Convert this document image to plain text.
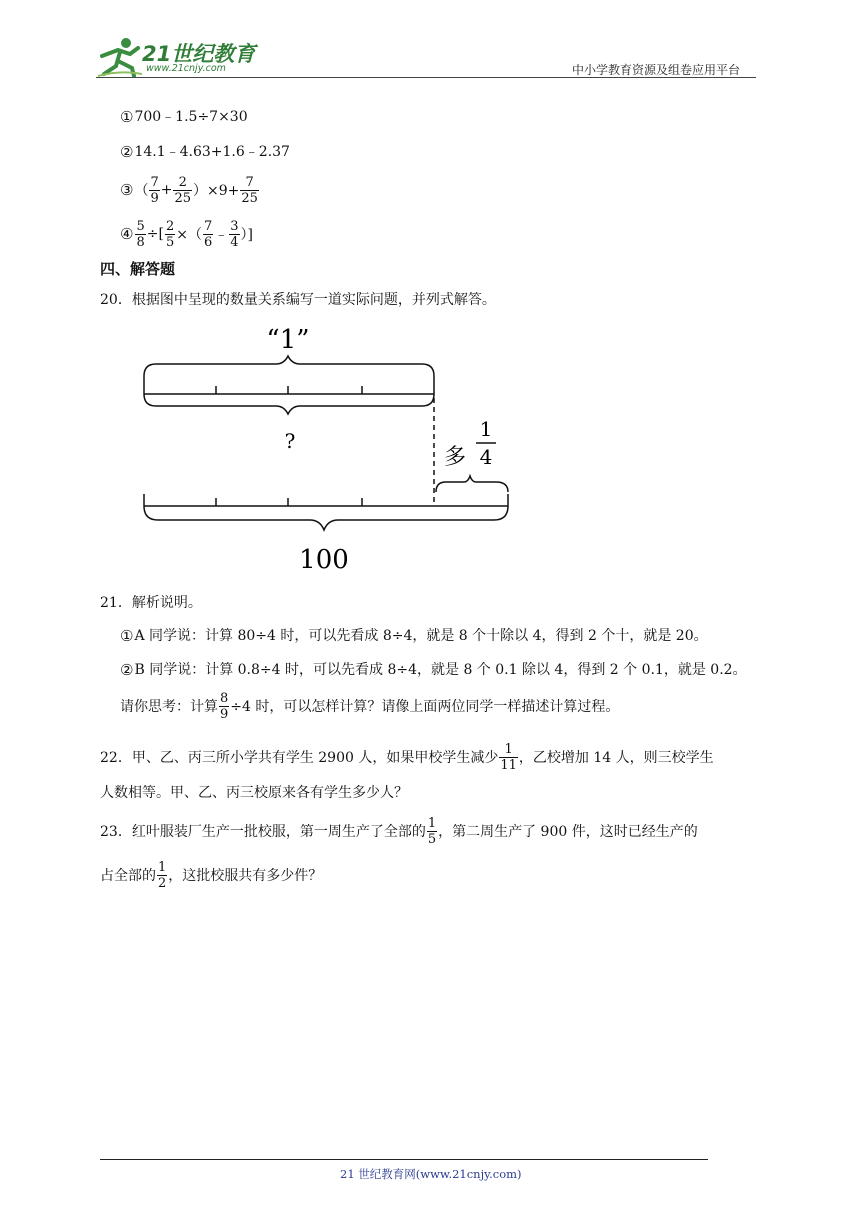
21世纪教育
www.21cnjy.com	中小学教育资源及组卷应用平台
①700﹣1.5÷7×30
②14.1﹣4.63+1.6﹣2.37
③ （ $\frac{7}{9} + \frac{2}{25} )\times 9+ \frac{7}{25}$
④ $\frac{5}{8}$ ÷[ $\frac{2}{5}$ ×（ $\frac{7}{6}$ ﹣ $\frac{3}{4}$ ）]
四、解答题
20．根据图中呈现的数量关系编写一道实际问题，并列式解答。
“1”
?
多
1
4
100
21．解析说明。
①A 同学说：计算 80÷4 时，可以先看成 8÷4，就是 8 个十除以 4，得到 2 个十，就是 20。
②B 同学说：计算 0.8÷4 时，可以先看成 8÷4，就是 8 个 0.1 除以 4，得到 2 个 0.1，就是 0.2。
请你思考：计算 $\frac{8}{9} \div 4$ 时，可以怎样计算？请像上面两位同学一样描述计算过程。
22．甲、乙、丙三所小学共有学生 2900 人，如果甲校学生减少 $\frac{1}{11}$ ，乙校增加 14 人，则三校学生
人数相等。甲、乙、丙三校原来各有学生多少人？
23．红叶服装厂生产一批校服，第一周生产了全部的 $\frac{1}{5}$ ，第二周生产了 900 件，这时已经生产的
占全部的 $\frac{1}{2}$ ，这批校服共有多少件？
21 世纪教育网(www.21cnjy.com)
